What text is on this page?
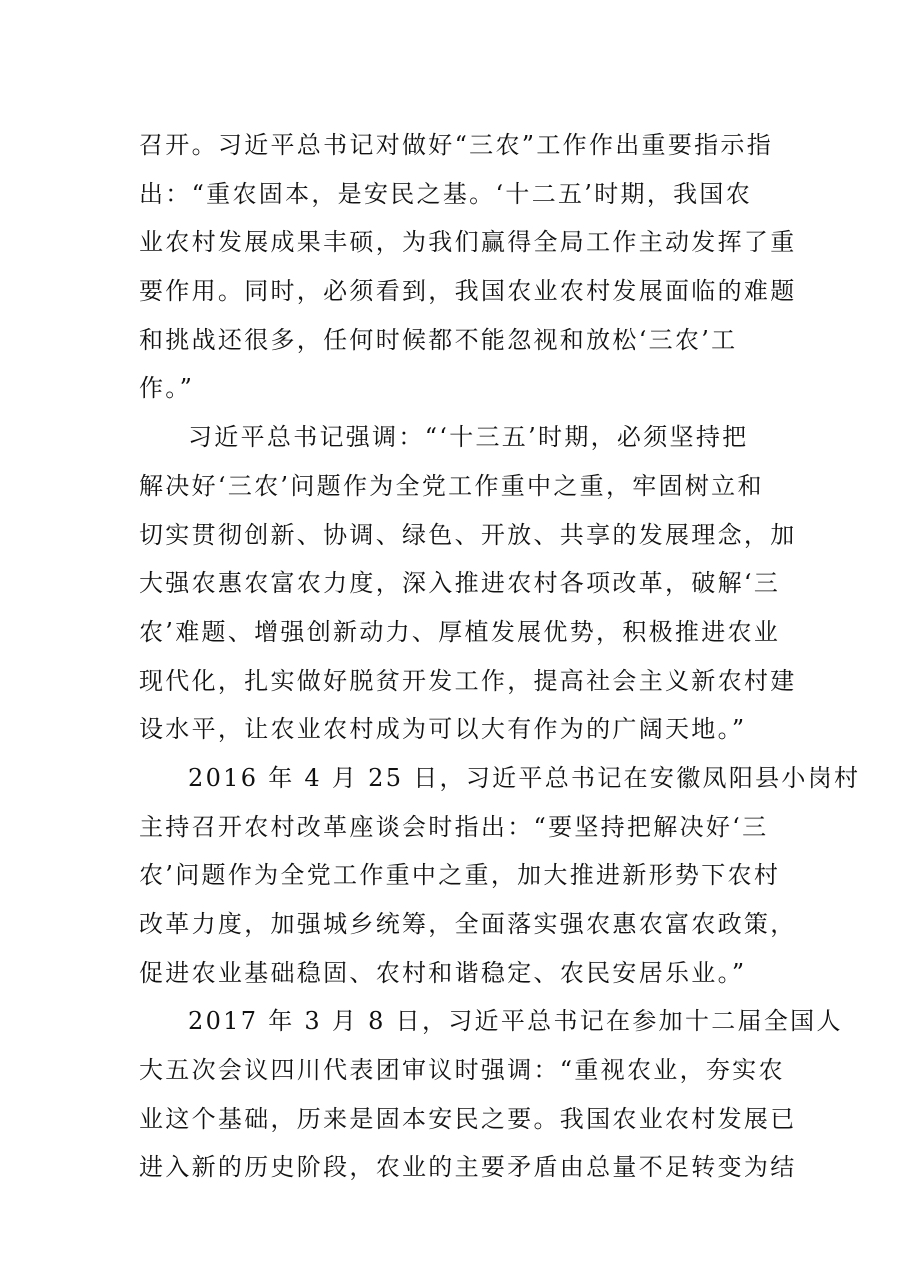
召开。习近平总书记对做好“三农”工作作出重要指示指
出：“重农固本，是安民之基。‘十二五’时期，我国农
业农村发展成果丰硕，为我们赢得全局工作主动发挥了重
要作用。同时，必须看到，我国农业农村发展面临的难题
和挑战还很多，任何时候都不能忽视和放松‘三农’工
作。”
习近平总书记强调：“‘十三五’时期，必须坚持把
解决好‘三农’问题作为全党工作重中之重，牢固树立和
切实贯彻创新、协调、绿色、开放、共享的发展理念，加
大强农惠农富农力度，深入推进农村各项改革，破解‘三
农’难题、增强创新动力、厚植发展优势，积极推进农业
现代化，扎实做好脱贫开发工作，提高社会主义新农村建
设水平，让农业农村成为可以大有作为的广阔天地。”
2016 年 4 月 25 日，习近平总书记在安徽凤阳县小岗村
主持召开农村改革座谈会时指出：“要坚持把解决好‘三
农’问题作为全党工作重中之重，加大推进新形势下农村
改革力度，加强城乡统筹，全面落实强农惠农富农政策，
促进农业基础稳固、农村和谐稳定、农民安居乐业。”
2017 年 3 月 8 日，习近平总书记在参加十二届全国人
大五次会议四川代表团审议时强调：“重视农业，夯实农
业这个基础，历来是固本安民之要。我国农业农村发展已
进入新的历史阶段，农业的主要矛盾由总量不足转变为结
